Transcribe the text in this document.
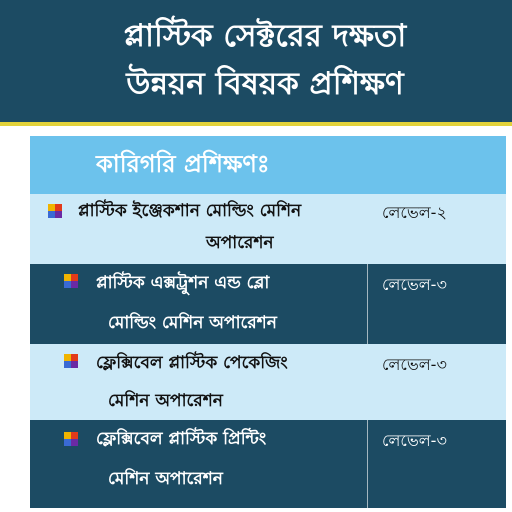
প্লাস্টিক সেক্টরের দক্ষতা
উন্নয়ন বিষয়ক প্রশিক্ষণ
কারিগরি প্রশিক্ষণঃ
প্লাস্টিক ইঞ্জেকশান মোল্ডিং মেশিন
অপারেশন
লেভেল-২
প্লাস্টিক এক্সট্রুশন এন্ড ব্লো
মোল্ডিং মেশিন অপারেশন
লেভেল-৩
ফ্লেক্সিবেল প্লাস্টিক পেকেজিং
মেশিন অপারেশন
লেভেল-৩
ফ্লেক্সিবেল প্লাস্টিক প্রিন্টিং
মেশিন অপারেশন
লেভেল-৩
